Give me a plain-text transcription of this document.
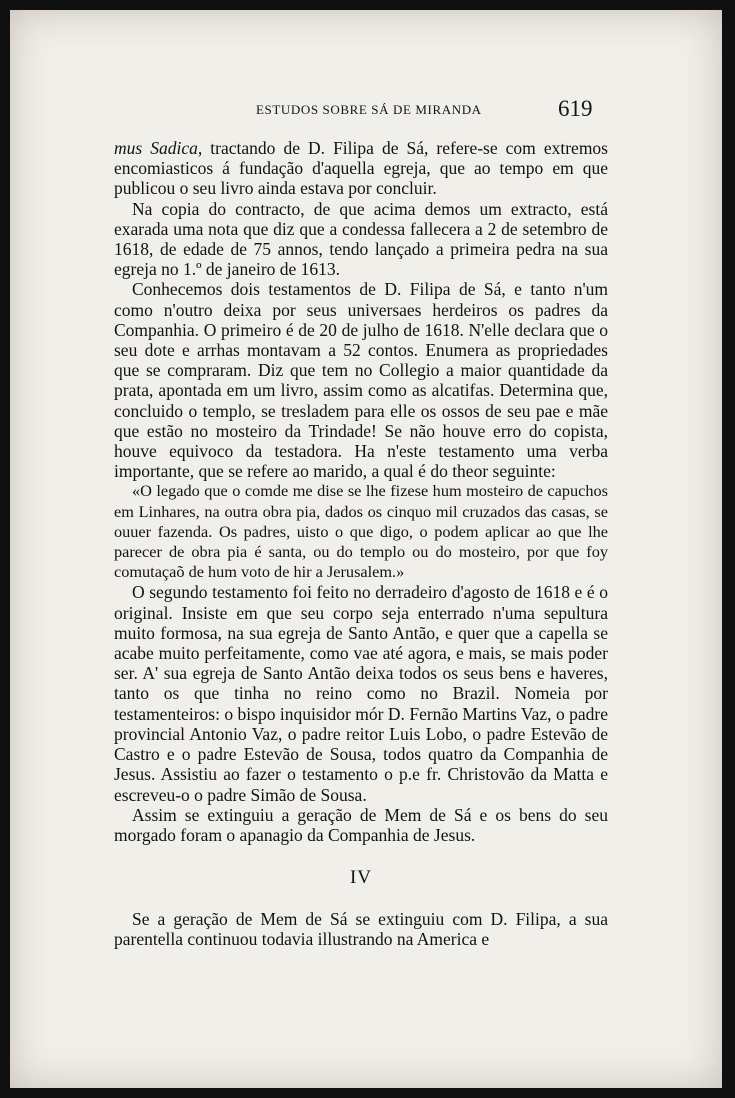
ESTUDOS SOBRE SÁ DE MIRANDA	619

mus Sadica, tractando de D. Filipa de Sá, refere-se com extremos encomiasticos á fundação d'aquella egreja, que ao tempo em que publicou o seu livro ainda estava por concluir.

Na copia do contracto, de que acima demos um extracto, está exarada uma nota que diz que a condessa fallecera a 2 de setembro de 1618, de edade de 75 annos, tendo lançado a primeira pedra na sua egreja no 1.º de janeiro de 1613.

Conhecemos dois testamentos de D. Filipa de Sá, e tanto n'um como n'outro deixa por seus universaes herdeiros os padres da Companhia. O primeiro é de 20 de julho de 1618. N'elle declara que o seu dote e arrhas montavam a 52 contos. Enumera as propriedades que se compraram. Diz que tem no Collegio a maior quantidade da prata, apontada em um livro, assim como as alcatifas. Determina que, concluido o templo, se tresladem para elle os ossos de seu pae e mãe que estão no mosteiro da Trindade! Se não houve erro do copista, houve equivoco da testadora. Ha n'este testamento uma verba importante, que se refere ao marido, a qual é do theor seguinte:

«O legado que o comde me dise se lhe fizese hum mosteiro de capuchos em Linhares, na outra obra pia, dados os cinquo mil cruzados das casas, se ouuer fazenda. Os padres, uisto o que digo, o podem aplicar ao que lhe parecer de obra pia é santa, ou do templo ou do mosteiro, por que foy comutaçaõ de hum voto de hir a Jerusalem.»

O segundo testamento foi feito no derradeiro d'agosto de 1618 e é o original. Insiste em que seu corpo seja enterrado n'uma sepultura muito formosa, na sua egreja de Santo Antão, e quer que a capella se acabe muito perfeitamente, como vae até agora, e mais, se mais poder ser. A' sua egreja de Santo Antão deixa todos os seus bens e haveres, tanto os que tinha no reino como no Brazil. Nomeia por testamenteiros: o bispo inquisidor mór D. Fernão Martins Vaz, o padre provincial Antonio Vaz, o padre reitor Luis Lobo, o padre Estevão de Castro e o padre Estevão de Sousa, todos quatro da Companhia de Jesus. Assistiu ao fazer o testamento o p.e fr. Christovão da Matta e escreveu-o o padre Simão de Sousa.

Assim se extinguiu a geração de Mem de Sá e os bens do seu morgado foram o apanagio da Companhia de Jesus.

IV

Se a geração de Mem de Sá se extinguiu com D. Filipa, a sua parentella continuou todavia illustrando na America e
